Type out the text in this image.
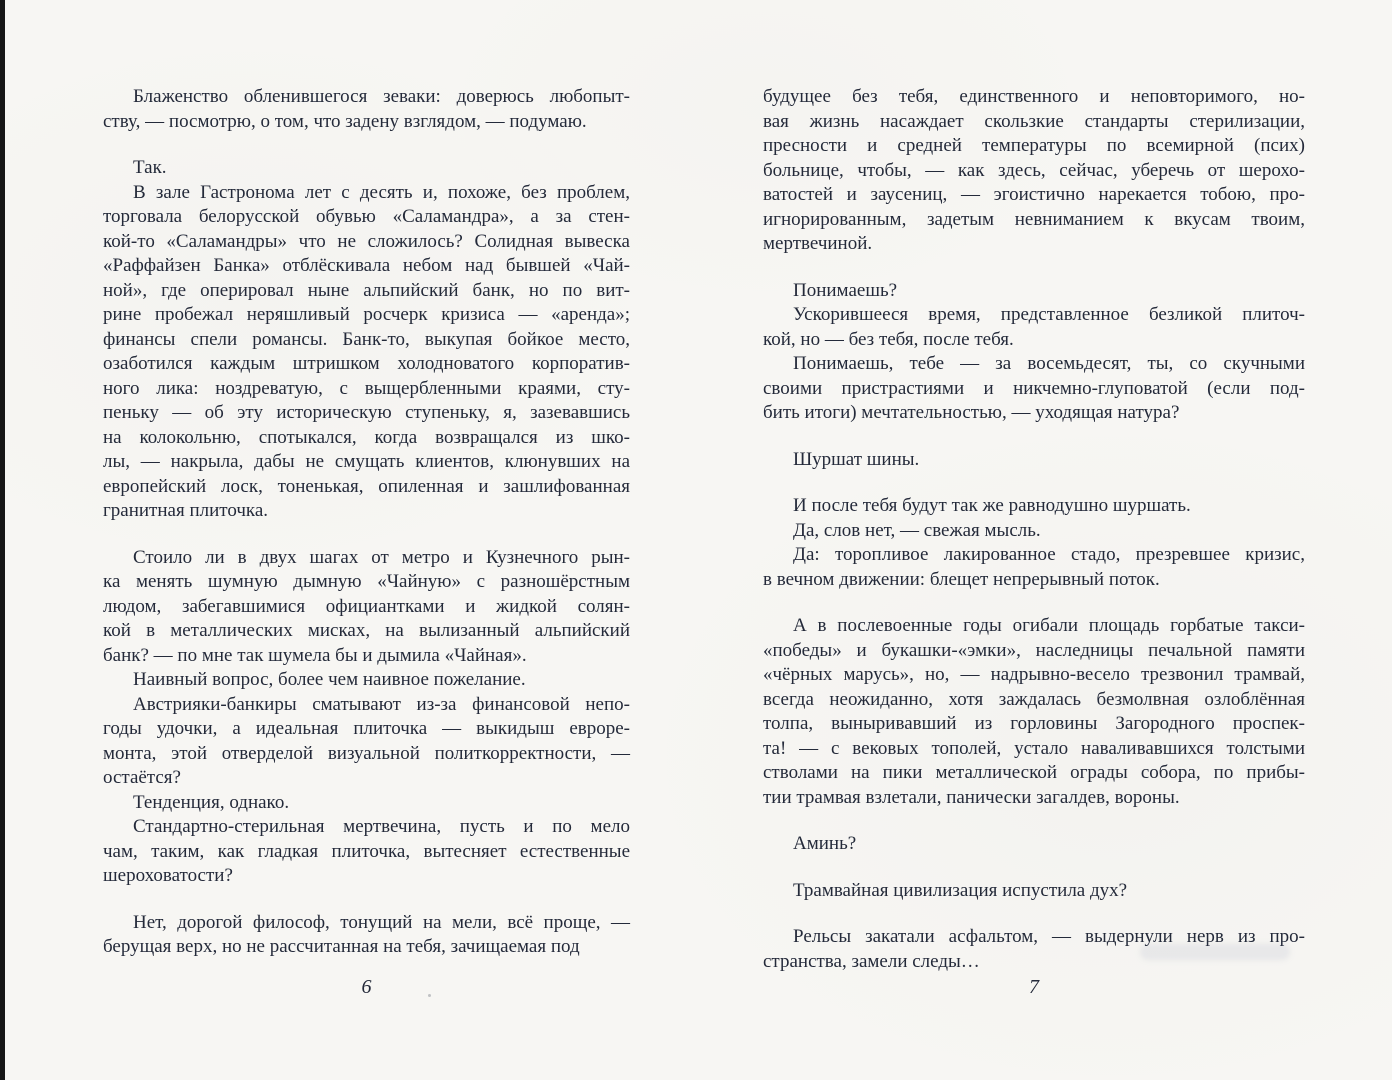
Блаженство обленившегося зеваки: доверюсь любопыт-
ству, — посмотрю, о том, что задену взглядом, — подумаю.
Так.
В зале Гастронома лет с десять и, похоже, без проблем,
торговала белорусской обувью «Саламандра», а за стен-
кой-то «Саламандры» что не сложилось? Солидная вывеска
«Раффайзен Банка» отблёскивала небом над бывшей «Чай-
ной», где оперировал ныне альпийский банк, но по вит-
рине пробежал неряшливый росчерк кризиса — «аренда»;
финансы спели романсы. Банк-то, выкупая бойкое место,
озаботился каждым штришком холодноватого корпоратив-
ного лика: ноздреватую, с выщербленными краями, сту-
пеньку — об эту историческую ступеньку, я, зазевавшись
на колокольню, спотыкался, когда возвращался из шко-
лы, — накрыла, дабы не смущать клиентов, клюнувших на
европейский лоск, тоненькая, опиленная и зашлифованная
гранитная плиточка.
Стоило ли в двух шагах от метро и Кузнечного рын-
ка менять шумную дымную «Чайную» с разношёрстным
людом, забегавшимися официантками и жидкой солян-
кой в металлических мисках, на вылизанный альпийский
банк? — по мне так шумела бы и дымила «Чайная».
Наивный вопрос, более чем наивное пожелание.
Австрияки-банкиры сматывают из-за финансовой непо-
годы удочки, а идеальная плиточка — выкидыш евроре-
монта, этой отверделой визуальной политкорректности, —
остаётся?
Тенденция, однако.
Стандартно-стерильная мертвечина, пусть и по мело
чам, таким, как гладкая плиточка, вытесняет естественные
шероховатости?
Нет, дорогой философ, тонущий на мели, всё проще, —
берущая верх, но не рассчитанная на тебя, зачищаемая под
будущее без тебя, единственного и неповторимого, но-
вая жизнь насаждает скользкие стандарты стерилизации,
пресности и средней температуры по всемирной (псих)
больнице, чтобы, — как здесь, сейчас, уберечь от шерохо-
ватостей и заусениц, — эгоистично нарекается тобою, про-
игнорированным, задетым невниманием к вкусам твоим,
мертвечиной.
Понимаешь?
Ускорившееся время, представленное безликой плиточ-
кой, но — без тебя, после тебя.
Понимаешь, тебе — за восемьдесят, ты, со скучными
своими пристрастиями и никчемно-глуповатой (если под-
бить итоги) мечтательностью, — уходящая натура?
Шуршат шины.
И после тебя будут так же равнодушно шуршать.
Да, слов нет, — свежая мысль.
Да: торопливое лакированное стадо, презревшее кризис,
в вечном движении: блещет непрерывный поток.
А в послевоенные годы огибали площадь горбатые такси-
«победы» и букашки-«эмки», наследницы печальной памяти
«чёрных марусь», но, — надрывно-весело трезвонил трамвай,
всегда неожиданно, хотя заждалась безмолвная озлоблённая
толпа, выныривавший из горловины Загородного проспек-
та! — с вековых тополей, устало наваливавшихся толстыми
стволами на пики металлической ограды собора, по прибы-
тии трамвая взлетали, панически загалдев, вороны.
Аминь?
Трамвайная цивилизация испустила дух?
Рельсы закатали асфальтом, — выдернули нерв из про-
странства, замели следы…
6	7
